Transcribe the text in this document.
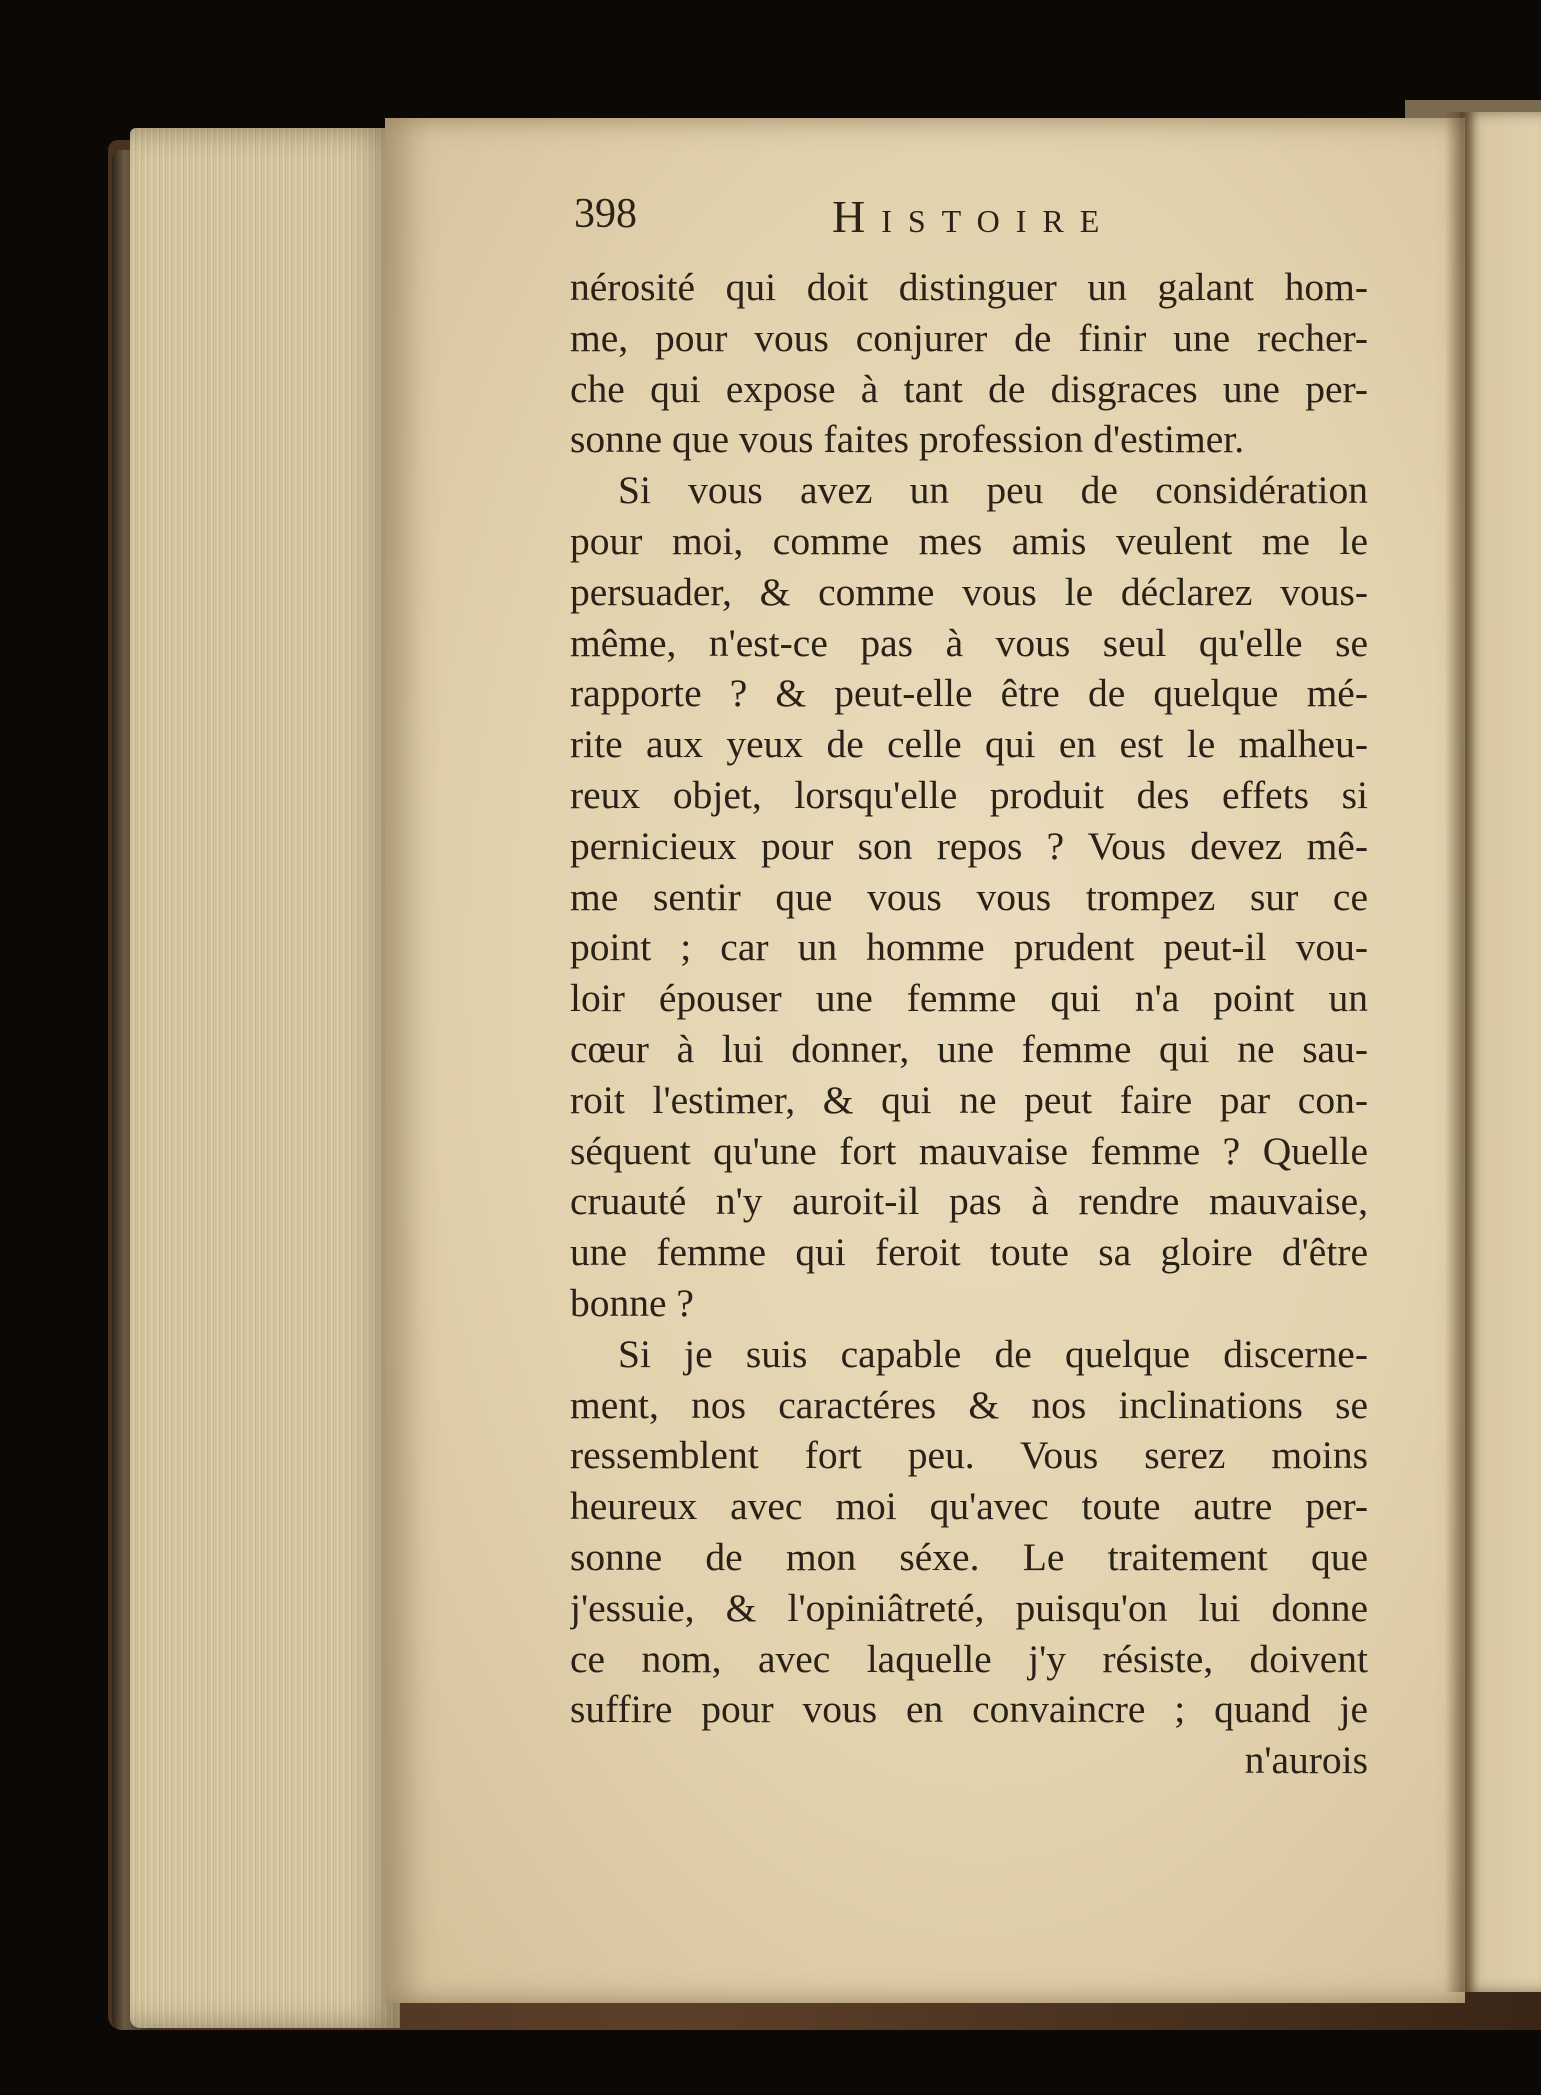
398	Histoire
nérosité qui doit distinguer un galant hom-
me, pour vous conjurer de finir une recher-
che qui expose à tant de disgraces une per-
sonne que vous faites profession d'estimer.
Si vous avez un peu de considération
pour moi, comme mes amis veulent me le
persuader, & comme vous le déclarez vous-
même, n'est-ce pas à vous seul qu'elle se
rapporte ? & peut-elle être de quelque mé-
rite aux yeux de celle qui en est le malheu-
reux objet, lorsqu'elle produit des effets si
pernicieux pour son repos ? Vous devez mê-
me sentir que vous vous trompez sur ce
point ; car un homme prudent peut-il vou-
loir épouser une femme qui n'a point un
cœur à lui donner, une femme qui ne sau-
roit l'estimer, & qui ne peut faire par con-
séquent qu'une fort mauvaise femme ? Quelle
cruauté n'y auroit-il pas à rendre mauvaise,
une femme qui feroit toute sa gloire d'être
bonne ?
Si je suis capable de quelque discerne-
ment, nos caractéres & nos inclinations se
ressemblent fort peu. Vous serez moins
heureux avec moi qu'avec toute autre per-
sonne de mon séxe. Le traitement que
j'essuie, & l'opiniâtreté, puisqu'on lui donne
ce nom, avec laquelle j'y résiste, doivent
suffire pour vous en convaincre ; quand je
n'aurois
